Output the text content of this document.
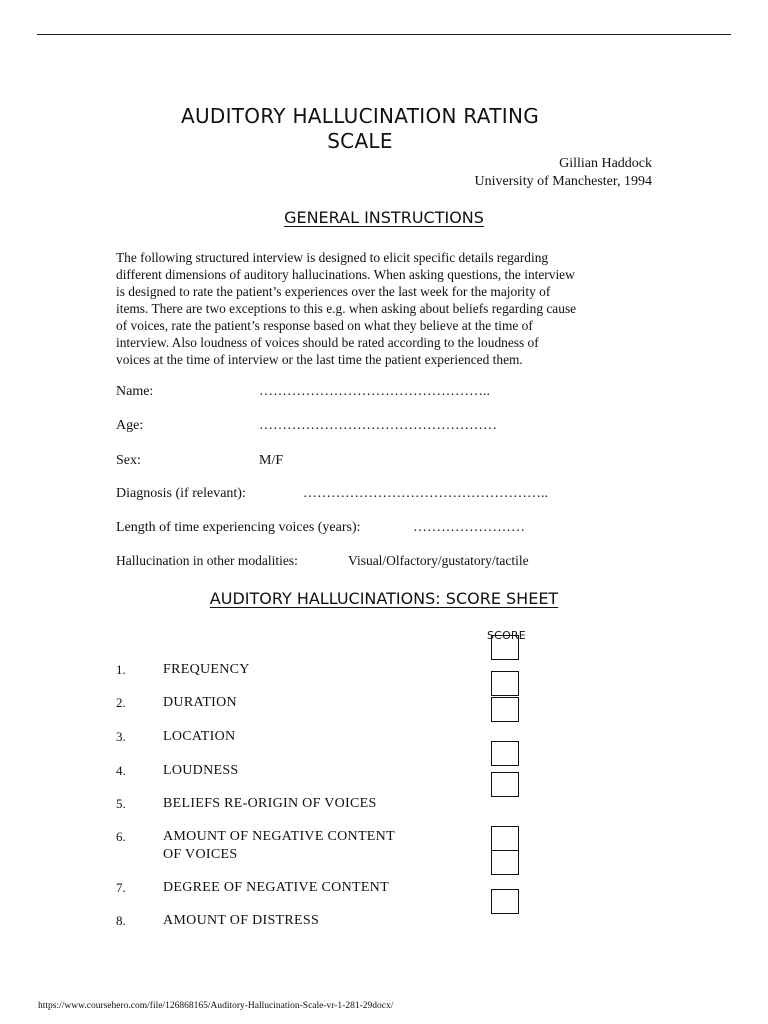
AUDITORY HALLUCINATION RATING
SCALE
Gillian Haddock
University of Manchester, 1994
GENERAL INSTRUCTIONS
The following structured interview is designed to elicit specific details regarding
different dimensions of auditory hallucinations. When asking questions, the interview
is designed to rate the patient’s experiences over the last week for the majority of
items. There are two exceptions to this e.g. when asking about beliefs regarding cause
of voices, rate the patient’s response based on what they believe at the time of
interview. Also loudness of voices should be rated according to the loudness of
voices at the time of interview or the last time the patient experienced them.
Name:	…………………………………………..
Age:	……………………………………………
Sex:	M/F
Diagnosis (if relevant):	……………………………………………..
Length of time experiencing voices (years):	……………………
Hallucination in other modalities:	Visual/Olfactory/gustatory/tactile
AUDITORY HALLUCINATIONS: SCORE SHEET
SCORE
1.	FREQUENCY
2.	DURATION
3.	LOCATION
4.	LOUDNESS
5.	BELIEFS RE-ORIGIN OF VOICES
6.	AMOUNT OF NEGATIVE CONTENT
OF VOICES
7.	DEGREE OF NEGATIVE CONTENT
8.	AMOUNT OF DISTRESS
https://www.coursehero.com/file/126868165/Auditory-Hallucination-Scale-vr-1-281-29docx/
